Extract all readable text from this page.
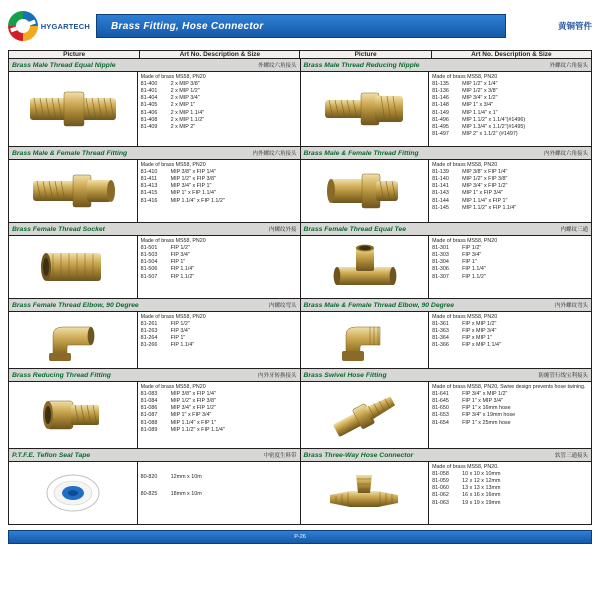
HYGARTECH	Brass Fitting, Hose Connector	黄铜管件
Picture	Art No. Description & Size	Picture	Art No. Description & Size
Brass Male Thread Equal Nipple	外螺纹六角接头
Made of brass MS58, PN20
81-400	2 x MIP 3/8"
81-401	2 x MIP 1/2"
81-404	2 x MIP 3/4"
81-405	2 x MIP 1"
81-406	2 x MIP 1.1/4"
81-408	2 x MIP 1.1/2"
81-409	2 x MIP 2"

Brass Male Thread Reducing Nipple	外螺纹六角接头
Made of brass MS58, PN20
81-135	MIP 1/2" x 1/4"
81-136	MIP 1/2" x 3/8"
81-146	MIP 3/4" x 1/2"
81-148	MIP 1" x 3/4"
81-149	MIP 1.1/4" x 1"
81-496	MIP 1.1/2" x 1.1/4"(#1496)
81-495	MIP 1.3/4" x 1.1/2"(#1495)
81-497	MIP 2" x 1.1/2" (#1497)

Brass Male & Female Thread Fitting	内外螺纹六角接头
Made of brass MS58, PN20
81-410	MIP 3/8" x FIP 1/4"
81-411	MIP 1/2" x FIP 3/8"
81-413	MIP 3/4" x FIP 1"
81-415	MIP 1" x FIP 1.1/4"
81-416	MIP 1.1/4" x FIP 1.1/2"

Brass Male & Female Thread Fitting	内外螺纹六角接头
Made of brass MS58, PN20
81-139	MIP 3/8" x FIP 1/4"
81-140	MIP 1/2" x FIP 3/8"
81-141	MIP 3/4" x FIP 1/2"
81-143	MIP 1" x FIP 3/4"
81-144	MIP 1.1/4" x FIP 1"
81-145	MIP 1.1/2" x FIP 1.1/4"

Brass Female Thread Socket	内螺纹外接
Made of brass MS58, PN20
81-501	FIP 1/2"
81-503	FIP 3/4"
81-504	FIP 1"
81-506	FIP 1.1/4"
81-507	FIP 1.1/2"

Brass Female Thread Equal Tee	内螺纹三通
Made of brass MS58, PN20
81-301	FIP 1/2"
81-303	FIP 3/4"
81-304	FIP 1"
81-306	FIP 1.1/4"
81-307	FIP 1.1/2"

Brass Female Thread Elbow, 90 Degree	内螺纹弯头
Made of brass MS58, PN20
81-261	FIP 1/2"
81-263	FIP 3/4"
81-264	FIP 1"
81-266	FIP 1.1/4"

Brass Male & Female Thread Elbow, 90 Degree	内外螺纹弯头
Made of brass MS58, PN20
81-361	FIP x MIP 1/2"
81-363	FIP x MIP 3/4"
81-364	FIP x MIP 1"
81-366	FIP x MIP 1.1/4"

Brass Reducing Thread Fitting	内外牙转换接头
Made of brass MS58, PN20
81-083	MIP 3/8" x FIP 1/4"
81-084	MIP 1/2" x FIP 3/8"
81-086	MIP 3/4" x FIP 1/2"
81-087	MIP 1" x FIP 3/4"
81-088	MIP 1.1/4" x FIP 1"
81-089	MIP 1.1/2" x FIP 1.1/4"

Brass Swivel Hose Fitting	防缠管行线宝利接头
Made of brass MS58, PN20, Swive design prevents hose twining.
81-641	FIP 3/4" x MIP 1/2"
81-645	FIP 1" x MIP 3/4"
81-650	FIP 1" x 16mm hose
81-653	FIP 3/4" x 19mm hose
81-654	FIP 1" x 25mm hose

P.T.F.E. Teflon Seal Tape	中密度生料带
80-820	12mm x 10m
80-825	18mm x 10m

Brass Three-Way Hose Connector	软管三通接头
Made of brass MS58, PN20.
81-058	10 x 10 x 10mm
81-059	12 x 12 x 12mm
81-060	13 x 13 x 13mm
81-062	16 x 16 x 16mm
81-063	19 x 19 x 19mm
P-26
